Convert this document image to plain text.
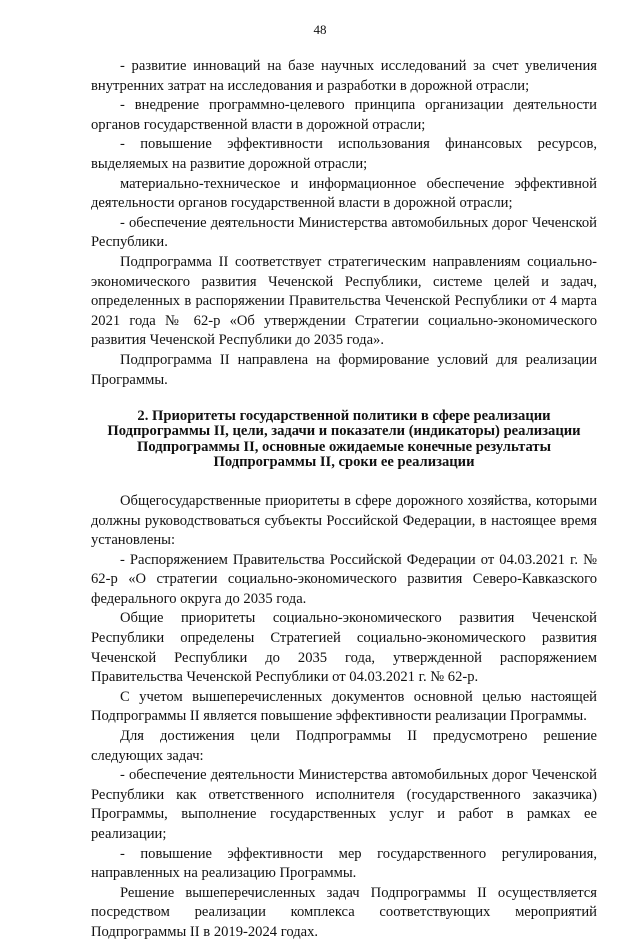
48

- развитие инноваций на базе научных исследований за счет увеличения внутренних затрат на исследования и разработки в дорожной отрасли;

- внедрение программно-целевого принципа организации деятельности органов государственной власти в дорожной отрасли;

- повышение эффективности использования финансовых ресурсов, выделяемых на развитие дорожной отрасли;

материально-техническое и информационное обеспечение эффективной деятельности органов государственной власти в дорожной отрасли;

- обеспечение деятельности Министерства автомобильных дорог Чеченской Республики.

Подпрограмма II соответствует стратегическим направлениям социально-экономического развития Чеченской Республики, системе целей и задач, определенных в распоряжении Правительства Чеченской Республики от 4 марта 2021 года № 62-р «Об утверждении Стратегии социально-экономического развития Чеченской Республики до 2035 года».

Подпрограмма II направлена на формирование условий для реализации Программы.

2. Приоритеты государственной политики в сфере реализации Подпрограммы II, цели, задачи и показатели (индикаторы) реализации Подпрограммы II, основные ожидаемые конечные результаты Подпрограммы II, сроки ее реализации

Общегосударственные приоритеты в сфере дорожного хозяйства, которыми должны руководствоваться субъекты Российской Федерации, в настоящее время установлены:

- Распоряжением Правительства Российской Федерации от 04.03.2021 г. № 62-р «О стратегии социально-экономического развития Северо-Кавказского федерального округа до 2035 года.

Общие приоритеты социально-экономического развития Чеченской Республики определены Стратегией социально-экономического развития Чеченской Республики до 2035 года, утвержденной распоряжением Правительства Чеченской Республики от 04.03.2021 г. № 62-р.

С учетом вышеперечисленных документов основной целью настоящей Подпрограммы II является повышение эффективности реализации Программы.

Для достижения цели Подпрограммы II предусмотрено решение следующих задач:

- обеспечение деятельности Министерства автомобильных дорог Чеченской Республики как ответственного исполнителя (государственного заказчика) Программы, выполнение государственных услуг и работ в рамках ее реализации;

- повышение эффективности мер государственного регулирования, направленных на реализацию Программы.

Решение вышеперечисленных задач Подпрограммы II осуществляется посредством реализации комплекса соответствующих мероприятий Подпрограммы II в 2019-2024 годах.
